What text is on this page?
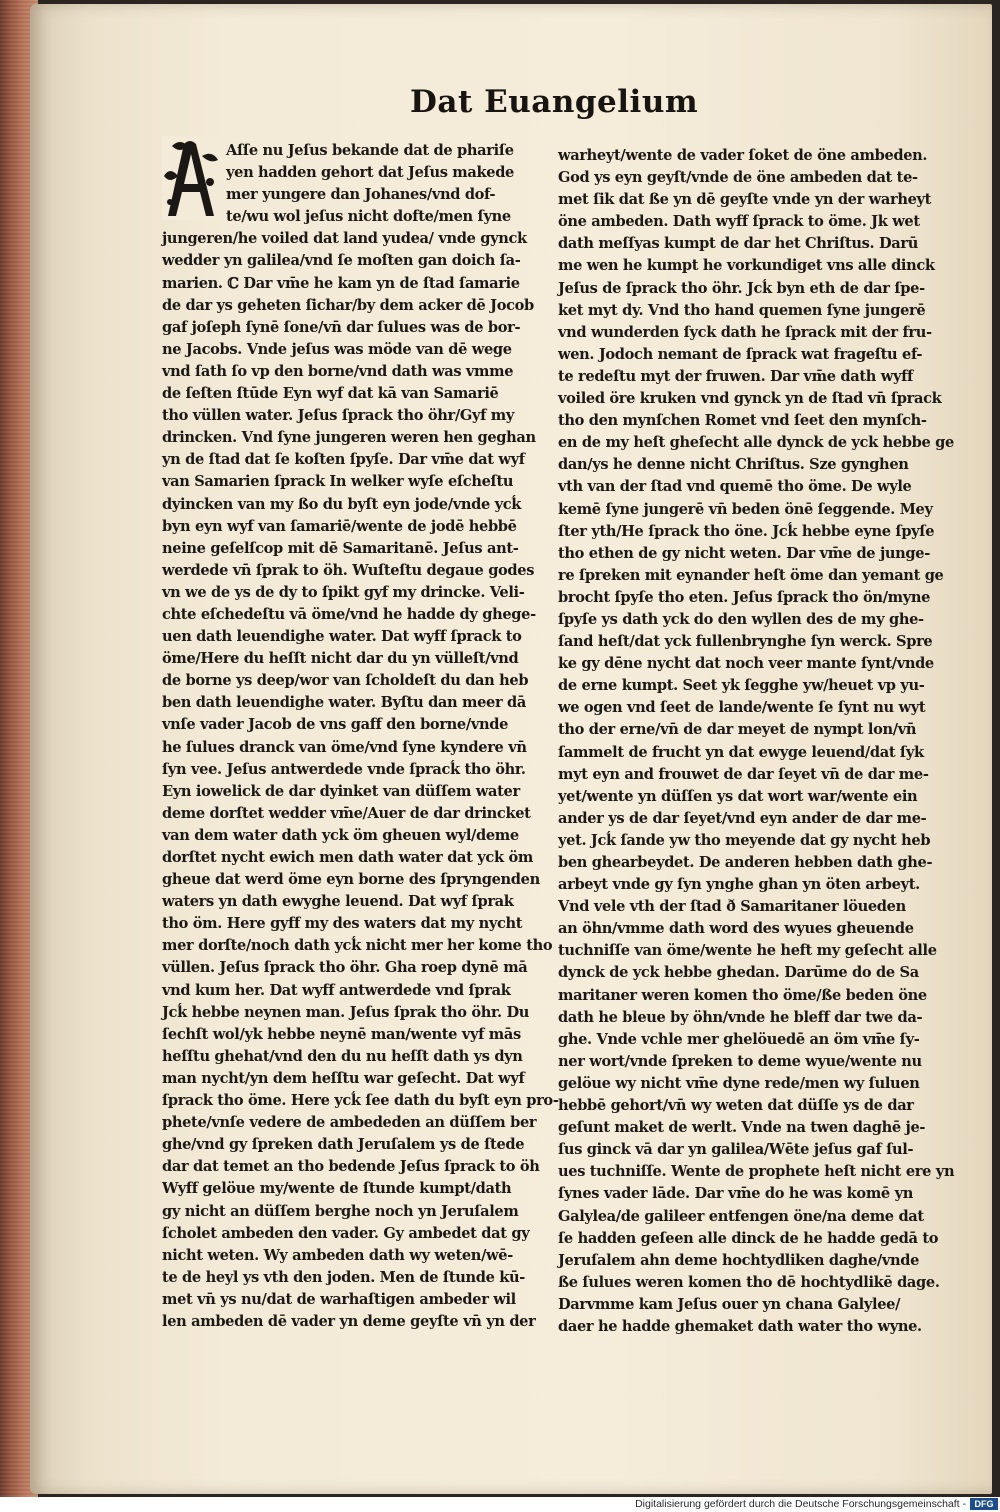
Dat Euangelium
Aſſe nu Jeſus bekande dat de phariſe
yen hadden gehort dat Jeſus makede
mer yungere dan Johanes/vnd dof-
te/wu wol jeſus nicht dofte/men ſyne
jungeren/he voiled dat land yudea/ vnde gynck
wedder yn galilea/vnd ſe moſten gan doich ſa-
marien. ℂ Dar vm̄e he kam yn de ſtad ſamarie
de dar ys geheten ſichar/by dem acker dē Jocob
gaf joſeph ſynē ſone/vn̄ dar ſulues was de bor-
ne Jacobs. Vnde jeſus was möde van dē wege
vnd ſath ſo vp den borne/vnd dath was vmme
de ſeſten ſtūde Eyn wyf dat kā van Samariē
tho vüllen water. Jeſus ſprack tho öhr/Gyf my
drincken. Vnd ſyne jungeren weren hen geghan
yn de ſtad dat ſe koſten ſpyſe. Dar vm̄e dat wyf
van Samarien ſprack In welker wyſe eſcheſtu
dyincken van my ßo du byſt eyn jode/vnde ycḱ
byn eyn wyf van ſamariē/wente de jodē hebbē
neine geſelſcop mit dē Samaritanē. Jeſus ant-
werdede vn̄ ſprak to öh. Wuſteſtu degaue godes
vn we de ys de dy to ſpikt gyf my drincke. Veli-
chte eſchedeſtu vā öme/vnd he hadde dy ghege-
uen dath leuendighe water. Dat wyff ſprack to
öme/Here du heſſt nicht dar du yn vülleſt/vnd
de borne ys deep/wor van ſcholdeſt du dan heb
ben dath leuendighe water. Byſtu dan meer dā
vnſe vader Jacob de vns gaff den borne/vnde
he ſulues dranck van öme/vnd ſyne kyndere vn̄
ſyn vee. Jeſus antwerdede vnde ſpracḱ tho öhr.
Eyn iowelick de dar dyinket van düſſem water
deme dorſtet wedder vm̄e/Auer de dar drincket
van dem water dath yck öm gheuen wyl/deme
dorſtet nycht ewich men dath water dat yck öm
gheue dat werd öme eyn borne des ſpryngenden
waters yn dath ewyghe leuend. Dat wyf ſprak
tho öm. Here gyff my des waters dat my nycht
mer dorſte/noch dath ycḱ nicht mer her kome tho
vüllen. Jeſus ſprack tho öhr. Gha roep dynē mā
vnd kum her. Dat wyff antwerdede vnd ſprak
Jcḱ hebbe neynen man. Jeſus ſprak tho öhr. Du
ſechſt wol/yk hebbe neynē man/wente vyf mās
heſſtu ghehat/vnd den du nu heſſt dath ys dyn
man nycht/yn dem heſſtu war geſecht. Dat wyf
ſprack tho öme. Here ycḱ ſee dath du byſt eyn pro-
phete/vnſe vedere de ambededen an düſſem ber
ghe/vnd gy ſpreken dath Jeruſalem ys de ſtede
dar dat temet an tho bedende Jeſus ſprack to öh
Wyff gelöue my/wente de ſtunde kumpt/dath
gy nicht an düſſem berghe noch yn Jeruſalem
ſcholet ambeden den vader. Gy ambedet dat gy
nicht weten. Wy ambeden dath wy weten/wē-
te de heyl ys vth den joden. Men de ſtunde kū-
met vn̄ ys nu/dat de warhaſtigen ambeder wil
len ambeden dē vader yn deme geyſte vn̄ yn der
warheyt/wente de vader ſoket de öne ambeden.
God ys eyn geyſt/vnde de öne ambeden dat te-
met ſik dat ße yn dē geyſte vnde yn der warheyt
öne ambeden. Dath wyff ſprack to öme. Jk wet
dath meſſyas kumpt de dar het Chriſtus. Darū
me wen he kumpt he vorkundiget vns alle dinck
Jeſus de ſprack tho öhr. Jcḱ byn eth de dar ſpe-
ket myt dy. Vnd tho hand quemen ſyne jungerē
vnd wunderden ſyck dath he ſprack mit der fru-
wen. Jodoch nemant de ſprack wat frageſtu ef-
te redeſtu myt der fruwen. Dar vm̄e dath wyff
voiled öre kruken vnd gynck yn de ſtad vn̄ ſprack
tho den mynſchen Romet vnd ſeet den mynſch-
en de my heſt gheſecht alle dynck de yck hebbe ge
dan/ys he denne nicht Chriſtus. Sze gynghen
vth van der ſtad vnd quemē tho öme. De wyle
kemē ſyne jungerē vn̄ beden önē ſeggende. Mey
ſter yth/He ſprack tho öne. Jcḱ hebbe eyne ſpyſe
tho ethen de gy nicht weten. Dar vm̄e de junge-
re ſpreken mit eynander heſt öme dan yemant ge
brocht ſpyſe tho eten. Jeſus ſprack tho ön/myne
ſpyſe ys dath yck do den wyllen des de my ghe-
ſand heſt/dat yck fullenbrynghe ſyn werck. Spre
ke gy dēne nycht dat noch veer mante ſynt/vnde
de erne kumpt. Seet yk ſegghe yw/heuet vp yu-
we ogen vnd ſeet de lande/wente ſe ſynt nu wyt
tho der erne/vn̄ de dar meyet de nympt lon/vn̄
ſammelt de frucht yn dat ewyge leuend/dat ſyk
myt eyn and frouwet de dar ſeyet vn̄ de dar me-
yet/wente yn düſſen ys dat wort war/wente ein
ander ys de dar ſeyet/vnd eyn ander de dar me-
yet. Jcḱ ſande yw tho meyende dat gy nycht heb
ben ghearbeydet. De anderen hebben dath ghe-
arbeyt vnde gy ſyn ynghe ghan yn öten arbeyt.
Vnd vele vth der ſtad ð Samaritaner löueden
an öhn/vmme dath word des wyues gheuende
tuchniſſe van öme/wente he heft my geſecht alle
dynck de yck hebbe ghedan. Darūme do de Sa
maritaner weren komen tho öme/ße beden öne
dath he bleue by öhn/vnde he bleff dar twe da-
ghe. Vnde vchle mer ghelöuedē an öm vm̄e ſy-
ner wort/vnde ſpreken to deme wyue/wente nu
gelöue wy nicht vm̄e dyne rede/men wy ſuluen
hebbē gehort/vn̄ wy weten dat düſſe ys de dar
geſunt maket de werlt. Vnde na twen daghē je-
ſus ginck vā dar yn galilea/Wēte jeſus gaf ſul-
ues tuchniſſe. Wente de prophete heſt nicht ere yn
ſynes vader lāde. Dar vm̄e do he was komē yn
Galylea/de galileer entfengen öne/na deme dat
ſe hadden geſeen alle dinck de he hadde gedā to
Jeruſalem ahn deme hochtydliken daghe/vnde
ße ſulues weren komen tho dē hochtydlikē dage.
Darvmme kam Jeſus ouer yn chana Galylee/
daer he hadde ghemaket dath water tho wyne.
Digitalisierung gefördert durch die Deutsche Forschungsgemeinschaft - DFG
